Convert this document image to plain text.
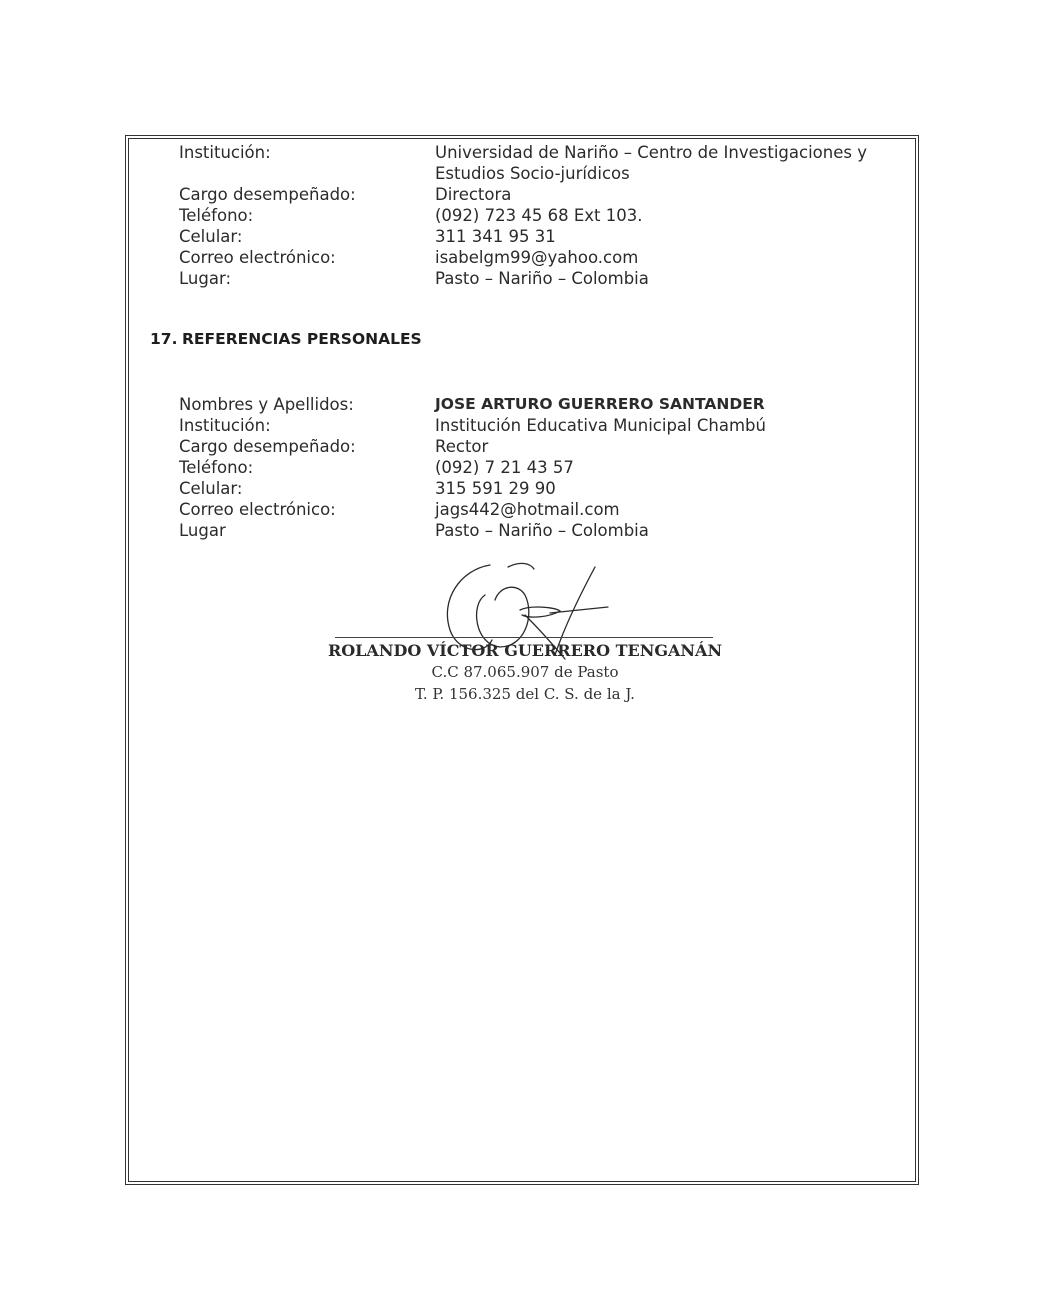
Institución:	Universidad de Nariño – Centro de Investigaciones y
Estudios Socio-jurídicos
Cargo desempeñado:	Directora
Teléfono:	(092) 723 45 68 Ext 103.
Celular:	311 341 95 31
Correo electrónico:	isabelgm99@yahoo.com
Lugar:	Pasto – Nariño – Colombia
17. REFERENCIAS PERSONALES
Nombres y Apellidos:	JOSE ARTURO GUERRERO SANTANDER
Institución:	Institución Educativa Municipal Chambú
Cargo desempeñado:	Rector
Teléfono:	(092) 7 21 43 57
Celular:	315 591 29 90
Correo electrónico:	jags442@hotmail.com
Lugar	Pasto – Nariño – Colombia
ROLANDO VÍCTOR GUERRERO TENGANÁN
C.C 87.065.907 de Pasto
T. P. 156.325 del C. S. de la J.
